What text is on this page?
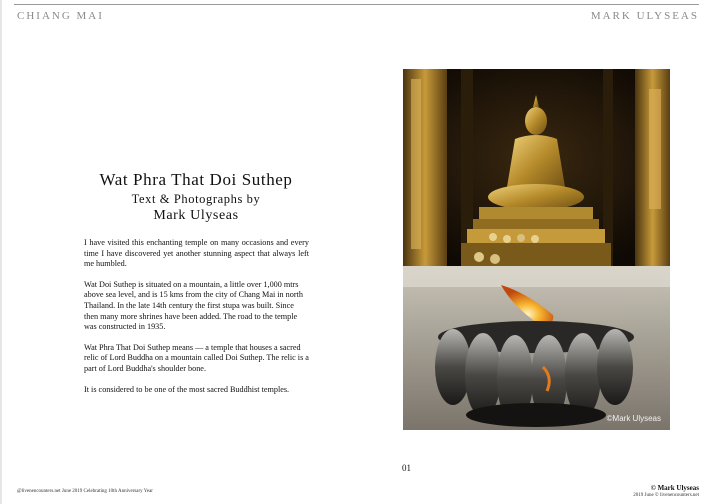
CHIANG MAI	MARK ULYSEAS
Wat Phra That Doi Suthep
Text & Photographs by
Mark Ulyseas

I have visited this enchanting temple on many occasions and every time I have discovered yet another stunning aspect that always left me humbled.

Wat Doi Suthep is situated on a mountain, a little over 1,000 mtrs above sea level, and is 15 kms from the city of Chang Mai in north Thailand. In the late 14th century the first stupa was built. Since then many more shrines have been added. The road to the temple was constructed in 1935.

Wat Phra That Doi Suthep means — a temple that houses a sacred relic of Lord Buddha on a mountain called Doi Suthep. The relic is a part of Lord Buddha's shoulder bone.

It is considered to be one of the most sacred Buddhist temples.

©Mark Ulyseas
01
@livenencounters.net June 2019 Celebrating 10th Anniversary Year	© Mark Ulyseas
2019 June © livenencounters.net
